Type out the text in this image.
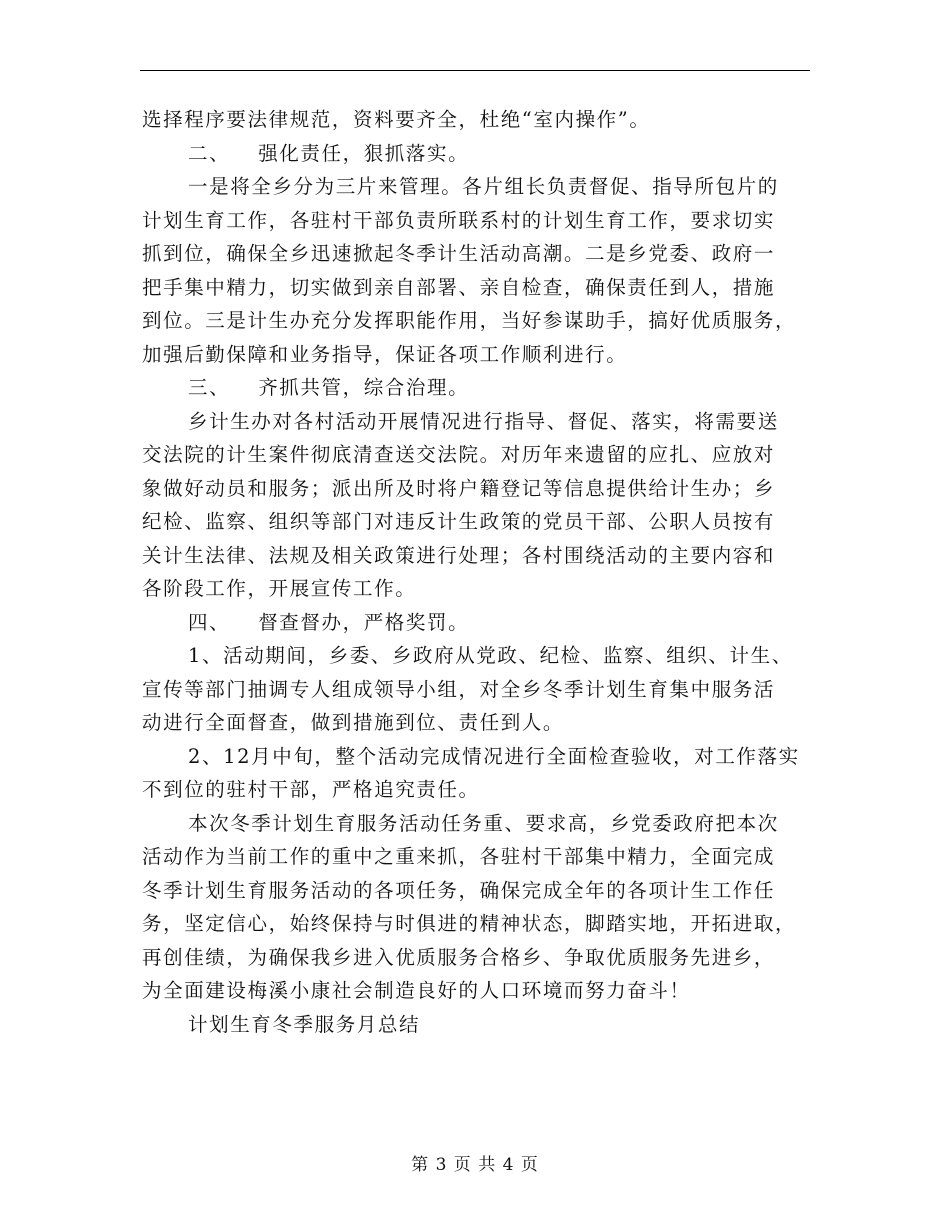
选择程序要法律规范，资料要齐全，杜绝“室内操作”。
二、 强化责任，狠抓落实。
一是将全乡分为三片来管理。各片组长负责督促、指导所包片的
计划生育工作，各驻村干部负责所联系村的计划生育工作，要求切实
抓到位，确保全乡迅速掀起冬季计生活动高潮。二是乡党委、政府一
把手集中精力，切实做到亲自部署、亲自检查，确保责任到人，措施
到位。三是计生办充分发挥职能作用，当好参谋助手，搞好优质服务，
加强后勤保障和业务指导，保证各项工作顺利进行。
三、 齐抓共管，综合治理。
乡计生办对各村活动开展情况进行指导、督促、落实，将需要送
交法院的计生案件彻底清查送交法院。对历年来遗留的应扎、应放对
象做好动员和服务；派出所及时将户籍登记等信息提供给计生办；乡
纪检、监察、组织等部门对违反计生政策的党员干部、公职人员按有
关计生法律、法规及相关政策进行处理；各村围绕活动的主要内容和
各阶段工作，开展宣传工作。
四、 督查督办，严格奖罚。
1、活动期间，乡委、乡政府从党政、纪检、监察、组织、计生、
宣传等部门抽调专人组成领导小组，对全乡冬季计划生育集中服务活
动进行全面督查，做到措施到位、责任到人。
2、12月中旬，整个活动完成情况进行全面检查验收，对工作落实
不到位的驻村干部，严格追究责任。
本次冬季计划生育服务活动任务重、要求高，乡党委政府把本次
活动作为当前工作的重中之重来抓，各驻村干部集中精力，全面完成
冬季计划生育服务活动的各项任务，确保完成全年的各项计生工作任
务，坚定信心，始终保持与时俱进的精神状态，脚踏实地，开拓进取，
再创佳绩，为确保我乡进入优质服务合格乡、争取优质服务先进乡，
为全面建设梅溪小康社会制造良好的人口环境而努力奋斗！
计划生育冬季服务月总结
第 3 页 共 4 页
